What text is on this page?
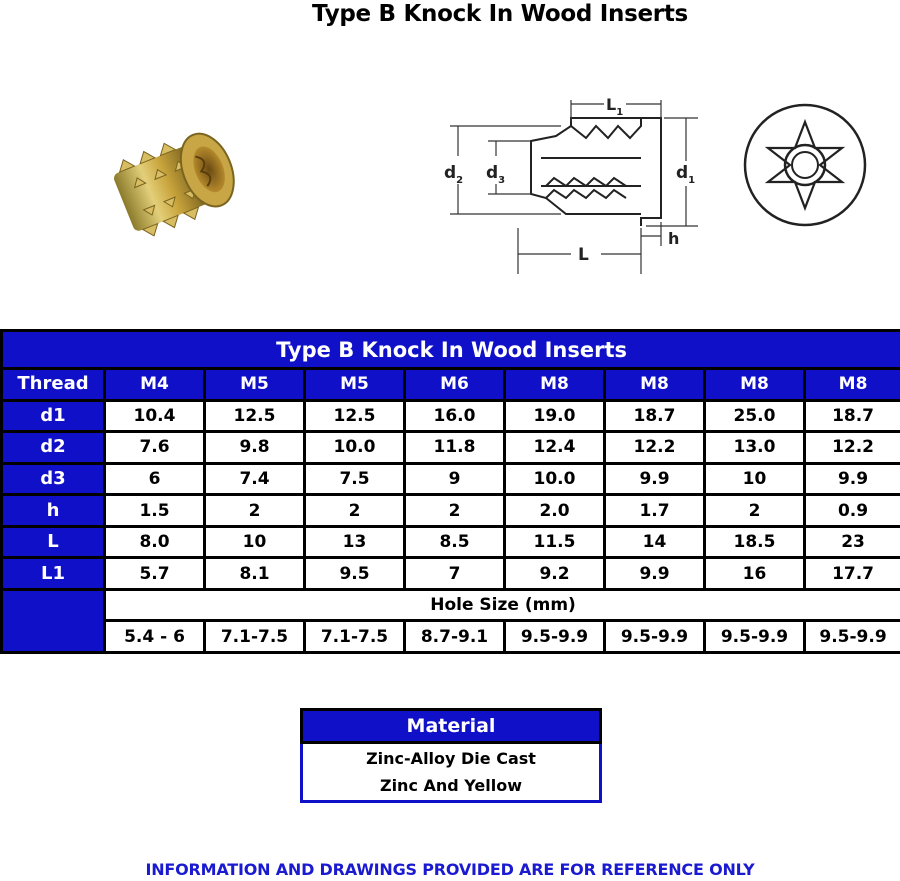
Type B Knock In Wood Inserts
$L_1$
$d_2$ $d_3$	$d_1$
L
h
Type B Knock In Wood Inserts								
Thread	M4	M5	M5	M6	M8	M8	M8	M8
d1	10.4	12.5	12.5	16.0	19.0	18.7	25.0	18.7
d2	7.6	9.8	10.0	11.8	12.4	12.2	13.0	12.2
d3	6	7.4	7.5	9	10.0	9.9	10	9.9
h	1.5	2	2	2	2.0	1.7	2	0.9
L	8.0	10	13	8.5	11.5	14	18.5	23
L1	5.7	8.1	9.5	7	9.2	9.9	16	17.7
	Hole Size (mm)							
	5.4 - 6	7.1-7.5	7.1-7.5	8.7-9.1	9.5-9.9	9.5-9.9	9.5-9.9	9.5-9.9
Material

Zinc-Alloy Die Cast
Zinc And Yellow
INFORMATION AND DRAWINGS PROVIDED ARE FOR REFERENCE ONLY
